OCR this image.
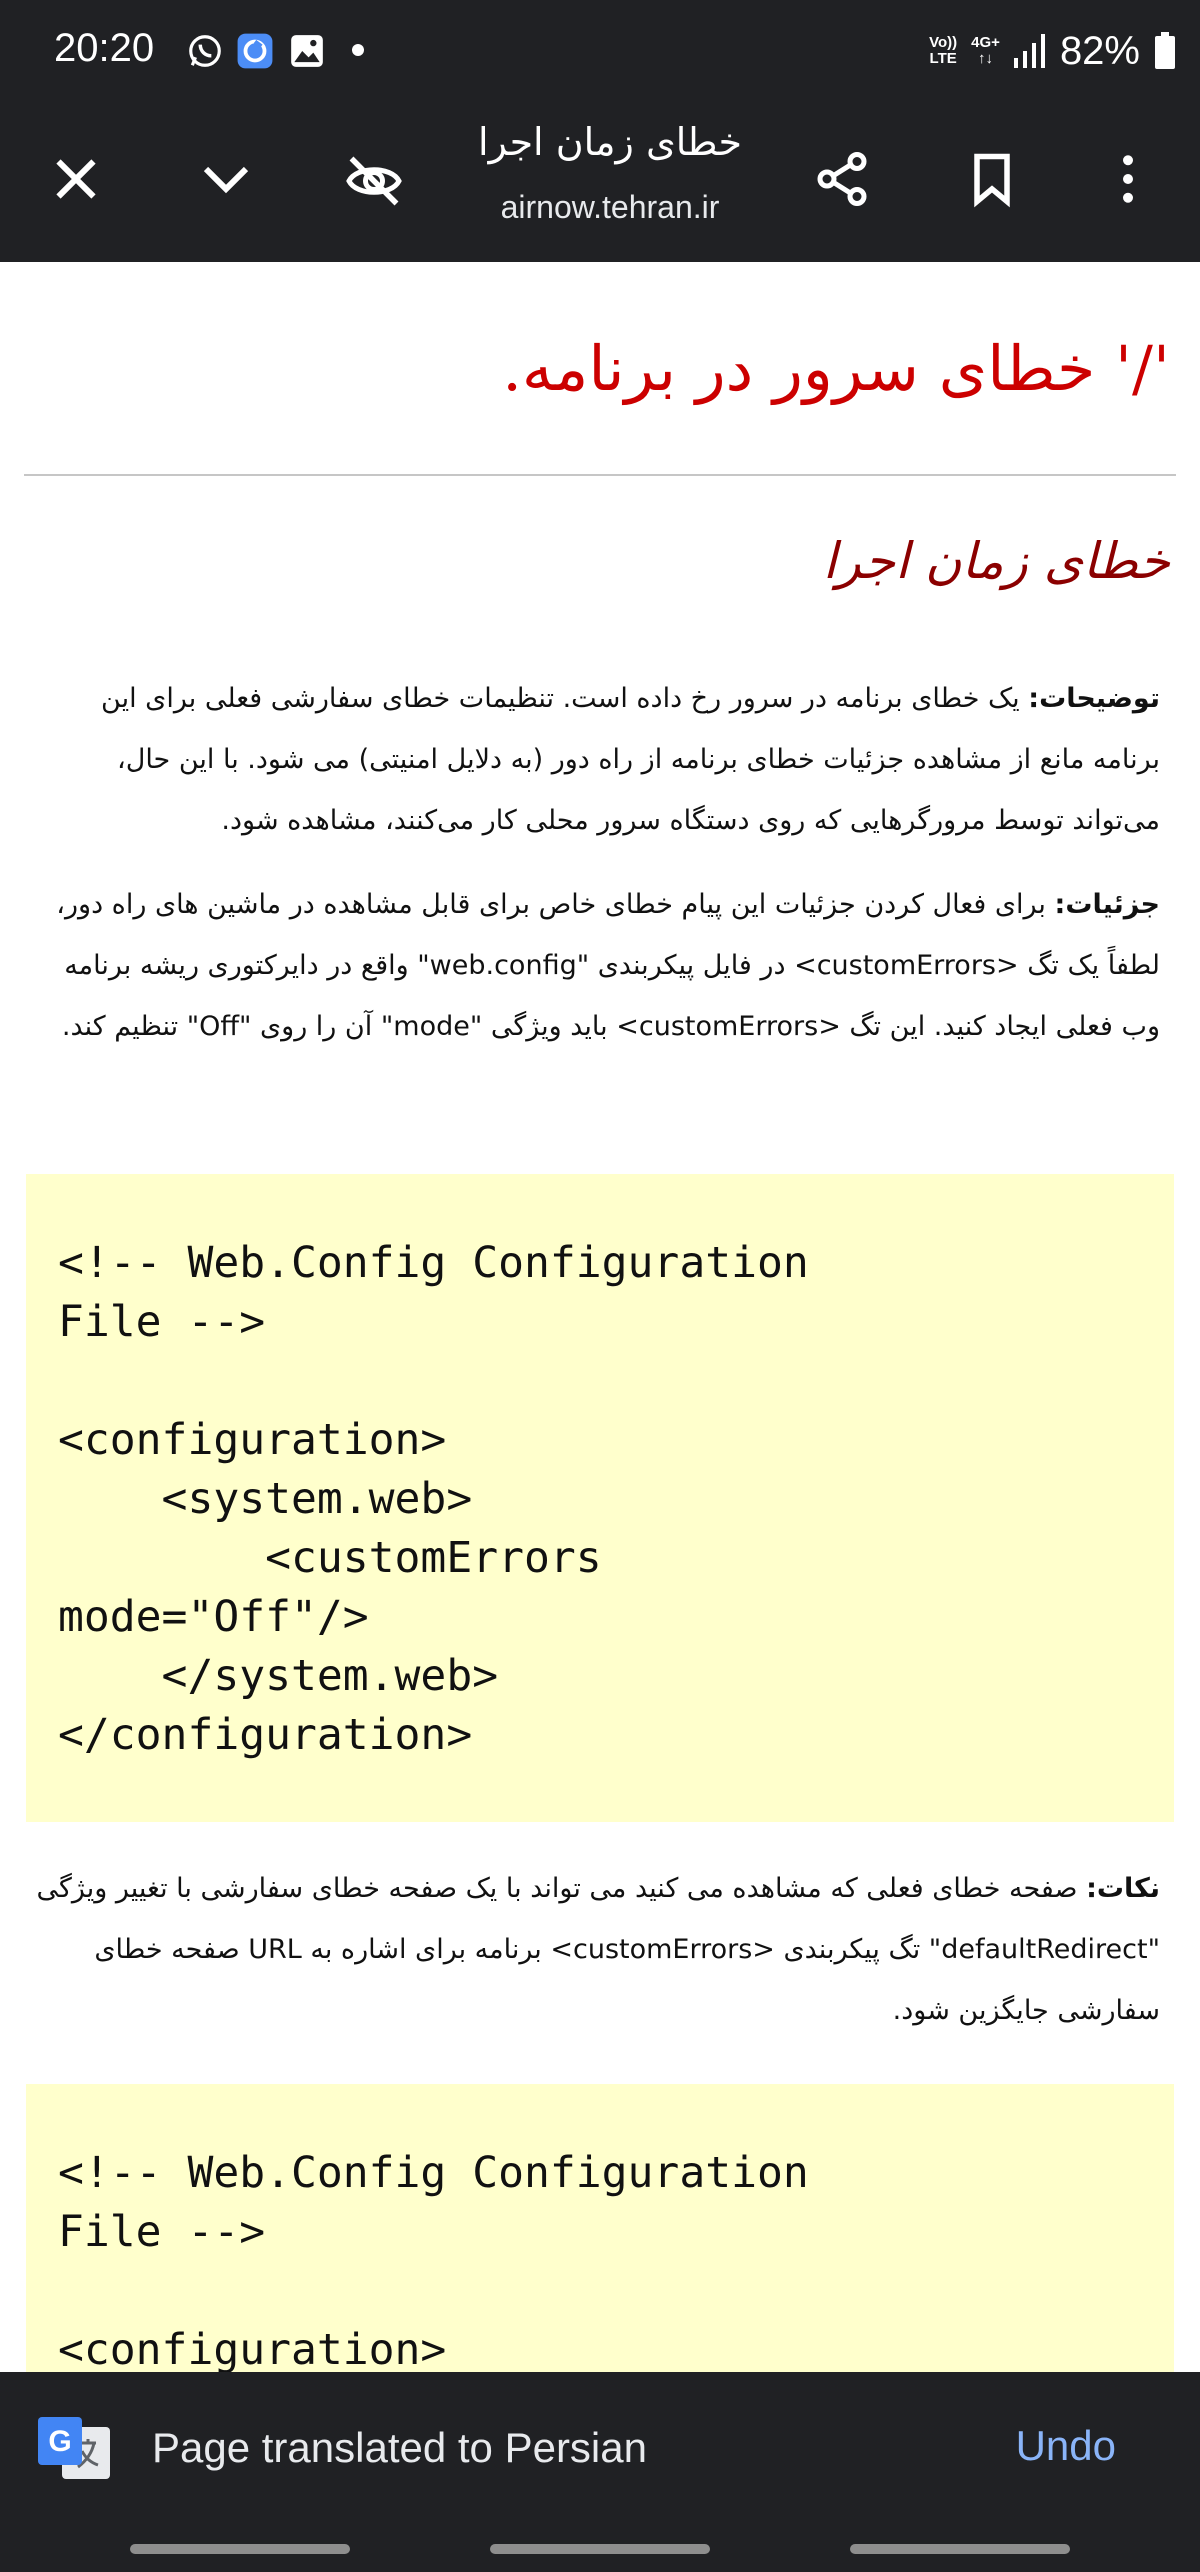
20:20	Vo))
LTE
4G+
↑↓ 82%
خطای زمان اجرا
airnow.tehran.ir
'/' خطای سرور در برنامه.
خطای زمان اجرا
توضیحات: یک خطای برنامه در سرور رخ داده است. تنظیمات خطای سفارشی فعلی برای این برنامه مانع از مشاهده جزئیات خطای برنامه از راه دور (به دلایل امنیتی) می شود. با این حال، می‌تواند توسط مرورگرهایی که روی دستگاه سرور محلی کار می‌کنند، مشاهده شود.
جزئیات: برای فعال کردن جزئیات این پیام خطای خاص برای قابل مشاهده در ماشین های راه دور، لطفاً یک تگ <customErrors> در فایل پیکربندی "web.config" واقع در دایرکتوری ریشه برنامه وب فعلی ایجاد کنید. این تگ <customErrors> باید ویژگی "mode" آن را روی "Off" تنظیم کند.
<!-- Web.Config Configuration
File -->

<configuration>
<system.web>
<customErrors
mode="Off"/>
</system.web>
</configuration>
نکات: صفحه خطای فعلی که مشاهده می کنید می تواند با یک صفحه خطای سفارشی با تغییر ویژگی "defaultRedirect" تگ پیکربندی <customErrors> برنامه برای اشاره به URL صفحه خطای سفارشی جایگزین شود.
<!-- Web.Config Configuration
File -->

<configuration>
G Page translated to Persian	Undo
